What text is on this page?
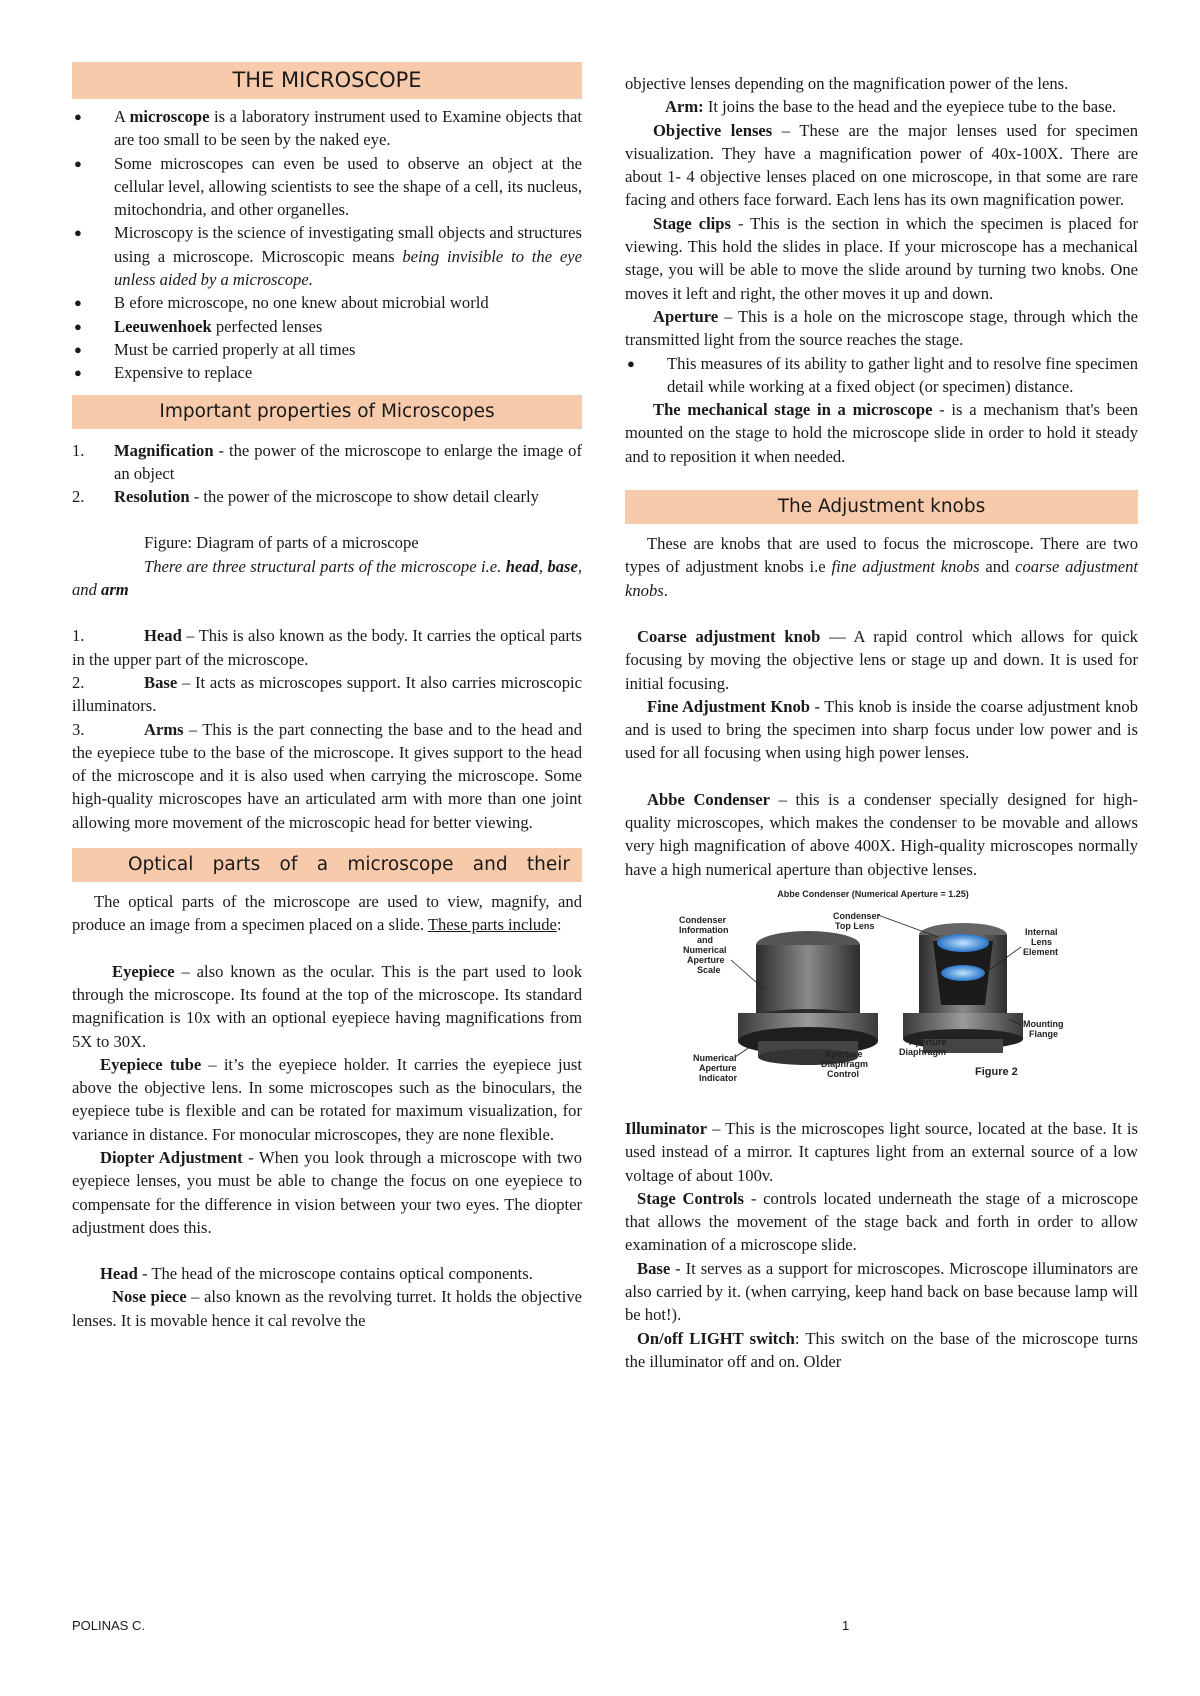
THE MICROSCOPE
● A microscope is a laboratory instrument used to Examine objects that are too small to be seen by the naked eye.
● Some microscopes can even be used to observe an object at the cellular level, allowing scientists to see the shape of a cell, its nucleus, mitochondria, and other organelles.
● Microscopy is the science of investigating small objects and structures using a microscope. Microscopic means being invisible to the eye unless aided by a microscope.
● B efore microscope, no one knew about microbial world
● Leeuwenhoek perfected lenses
● Must be carried properly at all times
● Expensive to replace
Important properties of Microscopes
1. Magnification - the power of the microscope to enlarge the image of an object
2. Resolution - the power of the microscope to show detail clearly

Figure: Diagram of parts of a microscope

There are three structural parts of the microscope i.e. head, base, and arm

1.	Head – This is also known as the body. It carries the optical parts in the upper part of the microscope.

2.	Base – It acts as microscopes support. It also carries microscopic illuminators.

3.	Arms – This is the part connecting the base and to the head and the eyepiece tube to the base of the microscope. It gives support to the head of the microscope and it is also used when carrying the microscope. Some high-quality microscopes have an articulated arm with more than one joint allowing more movement of the microscopic head for better viewing.

Optical parts of a microscope and their

The optical parts of the microscope are used to view, magnify, and produce an image from a specimen placed on a slide. These parts include:

Eyepiece – also known as the ocular. This is the part used to look through the microscope. Its found at the top of the microscope. Its standard magnification is 10x with an optional eyepiece having magnifications from 5X to 30X.

Eyepiece tube – it’s the eyepiece holder. It carries the eyepiece just above the objective lens. In some microscopes such as the binoculars, the eyepiece tube is flexible and can be rotated for maximum visualization, for variance in distance. For monocular microscopes, they are none flexible.

Diopter Adjustment - When you look through a microscope with two eyepiece lenses, you must be able to change the focus on one eyepiece to compensate for the difference in vision between your two eyes. The diopter adjustment does this.

Head - The head of the microscope contains optical components.

Nose piece – also known as the revolving turret. It holds the objective lenses. It is movable hence it cal revolve the

objective lenses depending on the magnification power of the lens.

Arm: It joins the base to the head and the eyepiece tube to the base.

Objective lenses – These are the major lenses used for specimen visualization. They have a magnification power of 40x-100X. There are about 1- 4 objective lenses placed on one microscope, in that some are rare facing and others face forward. Each lens has its own magnification power.

Stage clips - This is the section in which the specimen is placed for viewing. This hold the slides in place. If your microscope has a mechanical stage, you will be able to move the slide around by turning two knobs. One moves it left and right, the other moves it up and down.

Aperture – This is a hole on the microscope stage, through which the transmitted light from the source reaches the stage.

● This measures of its ability to gather light and to resolve fine specimen detail while working at a fixed object (or specimen) distance.

The mechanical stage in a microscope - is a mechanism that's been mounted on the stage to hold the microscope slide in order to hold it steady and to reposition it when needed.

The Adjustment knobs

These are knobs that are used to focus the microscope. There are two types of adjustment knobs i.e fine adjustment knobs and coarse adjustment knobs.

Coarse adjustment knob — A rapid control which allows for quick focusing by moving the objective lens or stage up and down. It is used for initial focusing.

Fine Adjustment Knob - This knob is inside the coarse adjustment knob and is used to bring the specimen into sharp focus under low power and is used for all focusing when using high power lenses.

Abbe Condenser – this is a condenser specially designed for high-quality microscopes, which makes the condenser to be movable and allows very high magnification of above 400X. High-quality microscopes normally have a high numerical aperture than objective lenses.

Abbe Condenser (Numerical Aperture = 1.25)
Condenser Information and Numerical Aperture Scale
Condenser Top Lens
Internal Lens Element
Mounting Flange
Numerical Aperture Indicator
Aperture Diaphragm Control
Aperture Diaphragm
Figure 2

Illuminator – This is the microscopes light source, located at the base. It is used instead of a mirror. It captures light from an external source of a low voltage of about 100v.

Stage Controls - controls located underneath the stage of a microscope that allows the movement of the stage back and forth in order to allow examination of a microscope slide.

Base - It serves as a support for microscopes. Microscope illuminators are also carried by it. (when carrying, keep hand back on base because lamp will be hot!).

On/off LIGHT switch: This switch on the base of the microscope turns the illuminator off and on. Older

POLINAS C.	1
